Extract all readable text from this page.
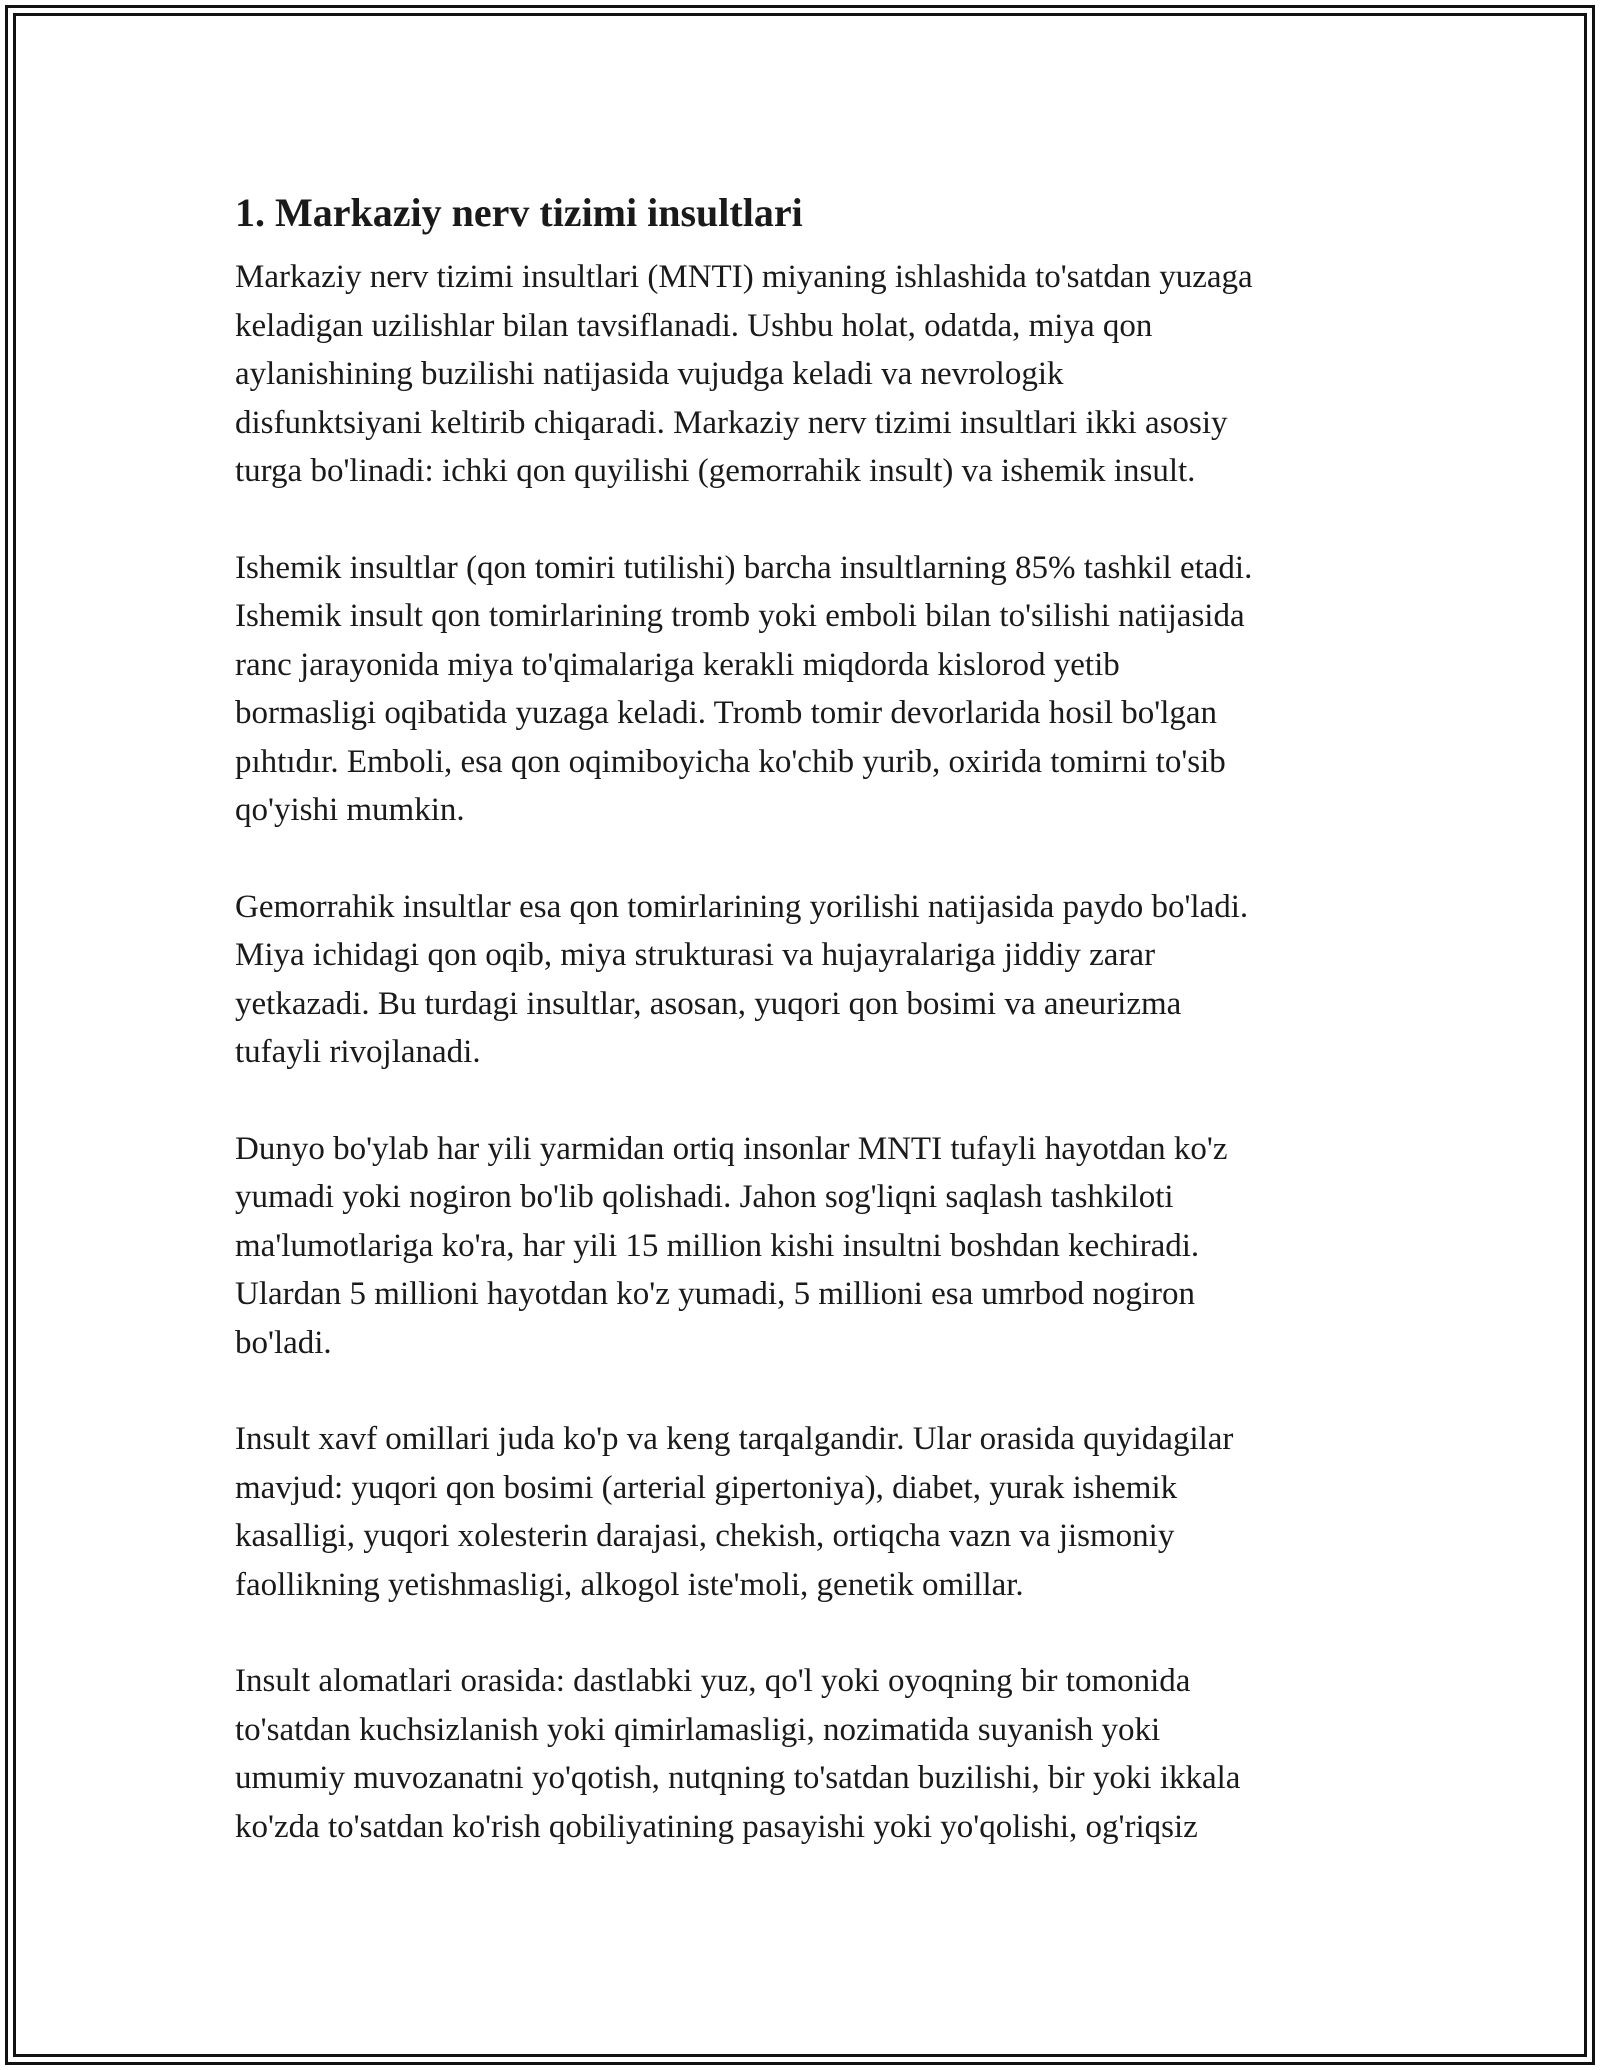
1. Markaziy nerv tizimi insultlari

Markaziy nerv tizimi insultlari (MNTI) miyaning ishlashida to'satdan yuzaga
keladigan uzilishlar bilan tavsiflanadi. Ushbu holat, odatda, miya qon
aylanishining buzilishi natijasida vujudga keladi va nevrologik
disfunktsiyani keltirib chiqaradi. Markaziy nerv tizimi insultlari ikki asosiy
turga bo'linadi: ichki qon quyilishi (gemorrahik insult) va ishemik insult.

Ishemik insultlar (qon tomiri tutilishi) barcha insultlarning 85% tashkil etadi.
Ishemik insult qon tomirlarining tromb yoki emboli bilan to'silishi natijasida
ranc jarayonida miya to'qimalariga kerakli miqdorda kislorod yetib
bormasligi oqibatida yuzaga keladi. Tromb tomir devorlarida hosil bo'lgan
pıhtıdır. Emboli, esa qon oqimiboyicha ko'chib yurib, oxirida tomirni to'sib
qo'yishi mumkin.

Gemorrahik insultlar esa qon tomirlarining yorilishi natijasida paydo bo'ladi.
Miya ichidagi qon oqib, miya strukturasi va hujayralariga jiddiy zarar
yetkazadi. Bu turdagi insultlar, asosan, yuqori qon bosimi va aneurizma
tufayli rivojlanadi.

Dunyo bo'ylab har yili yarmidan ortiq insonlar MNTI tufayli hayotdan ko'z
yumadi yoki nogiron bo'lib qolishadi. Jahon sog'liqni saqlash tashkiloti
ma'lumotlariga ko'ra, har yili 15 million kishi insultni boshdan kechiradi.
Ulardan 5 millioni hayotdan ko'z yumadi, 5 millioni esa umrbod nogiron
bo'ladi.

Insult xavf omillari juda ko'p va keng tarqalgandir. Ular orasida quyidagilar
mavjud: yuqori qon bosimi (arterial gipertoniya), diabet, yurak ishemik
kasalligi, yuqori xolesterin darajasi, chekish, ortiqcha vazn va jismoniy
faollikning yetishmasligi, alkogol iste'moli, genetik omillar.

Insult alomatlari orasida: dastlabki yuz, qo'l yoki oyoqning bir tomonida
to'satdan kuchsizlanish yoki qimirlamasligi, nozimatida suyanish yoki
umumiy muvozanatni yo'qotish, nutqning to'satdan buzilishi, bir yoki ikkala
ko'zda to'satdan ko'rish qobiliyatining pasayishi yoki yo'qolishi, og'riqsiz
